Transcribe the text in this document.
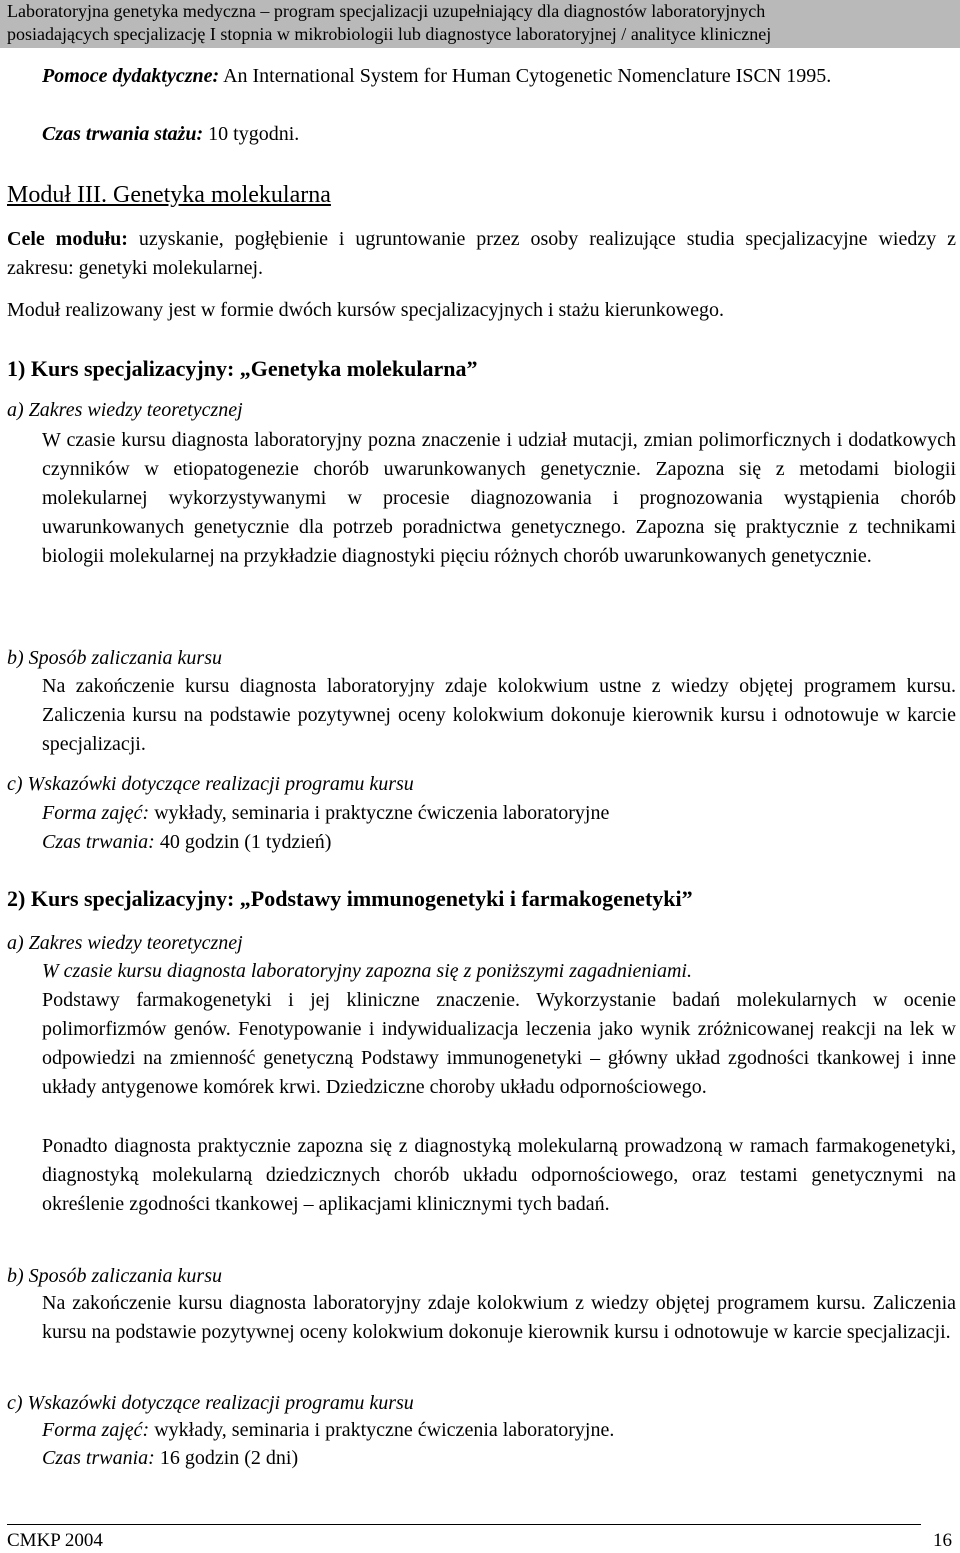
Laboratoryjna genetyka medyczna – program specjalizacji uzupełniający dla diagnostów laboratoryjnych
posiadających specjalizację I stopnia w mikrobiologii lub diagnostyce laboratoryjnej / analityce klinicznej
Pomoce dydaktyczne: An International System for Human Cytogenetic Nomenclature ISCN 1995.
Czas trwania stażu: 10 tygodni.
Moduł III. Genetyka molekularna
Cele modułu: uzyskanie, pogłębienie i ugruntowanie przez osoby realizujące studia specjalizacyjne wiedzy z zakresu: genetyki molekularnej.
Moduł realizowany jest w formie dwóch kursów specjalizacyjnych i stażu kierunkowego.
1) Kurs specjalizacyjny: „Genetyka molekularna”
a) Zakres wiedzy teoretycznej
W czasie kursu diagnosta laboratoryjny pozna znaczenie i udział mutacji, zmian polimorficznych i dodatkowych czynników w etiopatogenezie chorób uwarunkowanych genetycznie. Zapozna się z metodami biologii molekularnej wykorzystywanymi w procesie diagnozowania i prognozowania wystąpienia chorób uwarunkowanych genetycznie dla potrzeb poradnictwa genetycznego. Zapozna się praktycznie z technikami biologii molekularnej na przykładzie diagnostyki pięciu różnych chorób uwarunkowanych genetycznie.
b) Sposób zaliczania kursu
Na zakończenie kursu diagnosta laboratoryjny zdaje kolokwium ustne z wiedzy objętej programem kursu. Zaliczenia kursu na podstawie pozytywnej oceny kolokwium dokonuje kierownik kursu i odnotowuje w karcie specjalizacji.
c) Wskazówki dotyczące realizacji programu kursu
Forma zajęć: wykłady, seminaria i praktyczne ćwiczenia laboratoryjne
Czas trwania: 40 godzin (1 tydzień)
2) Kurs specjalizacyjny: „Podstawy immunogenetyki i farmakogenetyki”
a) Zakres wiedzy teoretycznej
W czasie kursu diagnosta laboratoryjny zapozna się z poniższymi zagadnieniami.
Podstawy farmakogenetyki i jej kliniczne znaczenie. Wykorzystanie badań molekularnych w ocenie polimorfizmów genów. Fenotypowanie i indywidualizacja leczenia jako wynik zróżnicowanej reakcji na lek w odpowiedzi na zmienność genetyczną Podstawy immunogenetyki – główny układ zgodności tkankowej i inne układy antygenowe komórek krwi. Dziedziczne choroby układu odpornościowego.
Ponadto diagnosta praktycznie zapozna się z diagnostyką molekularną prowadzoną w ramach farmakogenetyki, diagnostyką molekularną dziedzicznych chorób układu odpornościowego, oraz testami genetycznymi na określenie zgodności tkankowej – aplikacjami klinicznymi tych badań.
b) Sposób zaliczania kursu
Na zakończenie kursu diagnosta laboratoryjny zdaje kolokwium z wiedzy objętej programem kursu. Zaliczenia kursu na podstawie pozytywnej oceny kolokwium dokonuje kierownik kursu i odnotowuje w karcie specjalizacji.
c) Wskazówki dotyczące realizacji programu kursu
Forma zajęć: wykłady, seminaria i praktyczne ćwiczenia laboratoryjne.
Czas trwania: 16 godzin (2 dni)
CMKP 2004	16
